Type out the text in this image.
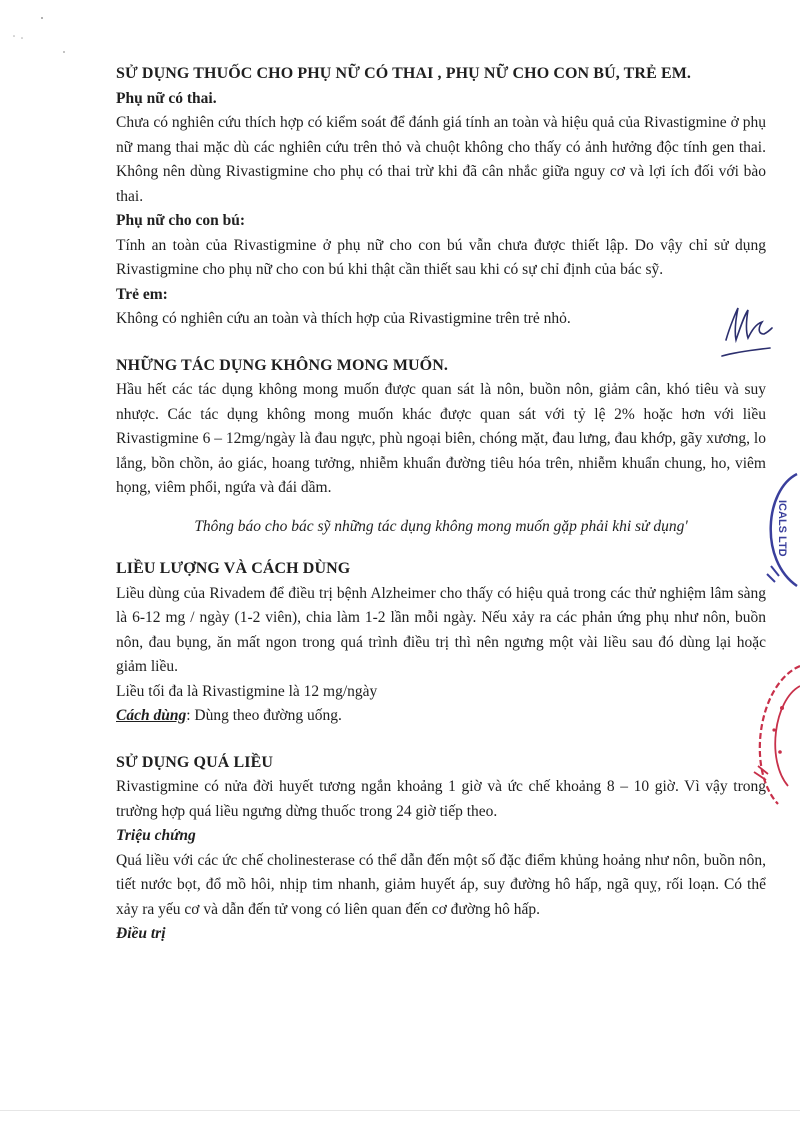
SỬ DỤNG THUỐC CHO PHỤ NỮ CÓ THAI , PHỤ NỮ CHO CON BÚ, TRẺ EM.
Phụ nữ có thai.

Chưa có nghiên cứu thích hợp có kiểm soát để đánh giá tính an toàn và hiệu quả của Rivastigmine ở phụ nữ mang thai mặc dù các nghiên cứu trên thỏ và chuột không cho thấy có ảnh hưởng độc tính gen thai. Không nên dùng Rivastigmine cho phụ có thai trừ khi đã cân nhắc giữa nguy cơ và lợi ích đối với bào thai.

Phụ nữ cho con bú:

Tính an toàn của Rivastigmine ở phụ nữ cho con bú vẫn chưa được thiết lập. Do vậy chỉ sử dụng Rivastigmine cho phụ nữ cho con bú khi thật cần thiết sau khi có sự chỉ định của bác sỹ.

Trẻ em:

Không có nghiên cứu an toàn và thích hợp của Rivastigmine trên trẻ nhỏ.

NHỮNG TÁC DỤNG KHÔNG MONG MUỐN.

Hầu hết các tác dụng không mong muốn được quan sát là nôn, buồn nôn, giảm cân, khó tiêu và suy nhược. Các tác dụng không mong muốn khác được quan sát với tỷ lệ 2% hoặc hơn với liều Rivastigmine 6 – 12mg/ngày là đau ngực, phù ngoại biên, chóng mặt, đau lưng, đau khớp, gãy xương, lo lắng, bồn chồn, ảo giác, hoang tưởng, nhiễm khuẩn đường tiêu hóa trên, nhiễm khuẩn chung, ho, viêm họng, viêm phổi, ngứa và đái dầm.

Thông báo cho bác sỹ những tác dụng không mong muốn gặp phải khi sử dụng'

LIỀU LƯỢNG VÀ CÁCH DÙNG

Liều dùng của Rivadem để điều trị bệnh Alzheimer cho thấy có hiệu quả trong các thử nghiệm lâm sàng là 6-12 mg / ngày (1-2 viên), chia làm 1-2 lần mỗi ngày. Nếu xảy ra các phản ứng phụ như nôn, buồn nôn, đau bụng, ăn mất ngon trong quá trình điều trị thì nên ngưng một vài liều sau đó dùng lại hoặc giảm liều.

Liều tối đa là Rivastigmine là 12 mg/ngày

Cách dùng: Dùng theo đường uống.

SỬ DỤNG QUÁ LIỀU

Rivastigmine có nửa đời huyết tương ngắn khoảng 1 giờ và ức chế khoảng 8 – 10 giờ. Vì vậy trong trường hợp quá liều ngưng dừng thuốc trong 24 giờ tiếp theo.

Triệu chứng

Quá liều với các ức chế cholinesterase có thể dẫn đến một số đặc điểm khủng hoảng như nôn, buồn nôn, tiết nước bọt, đổ mồ hôi, nhịp tim nhanh, giảm huyết áp, suy đường hô hấp, ngã quỵ, rối loạn. Có thể xảy ra yếu cơ và dẫn đến tử vong có liên quan đến cơ đường hô hấp.

Điều trị
ICALS LTD
